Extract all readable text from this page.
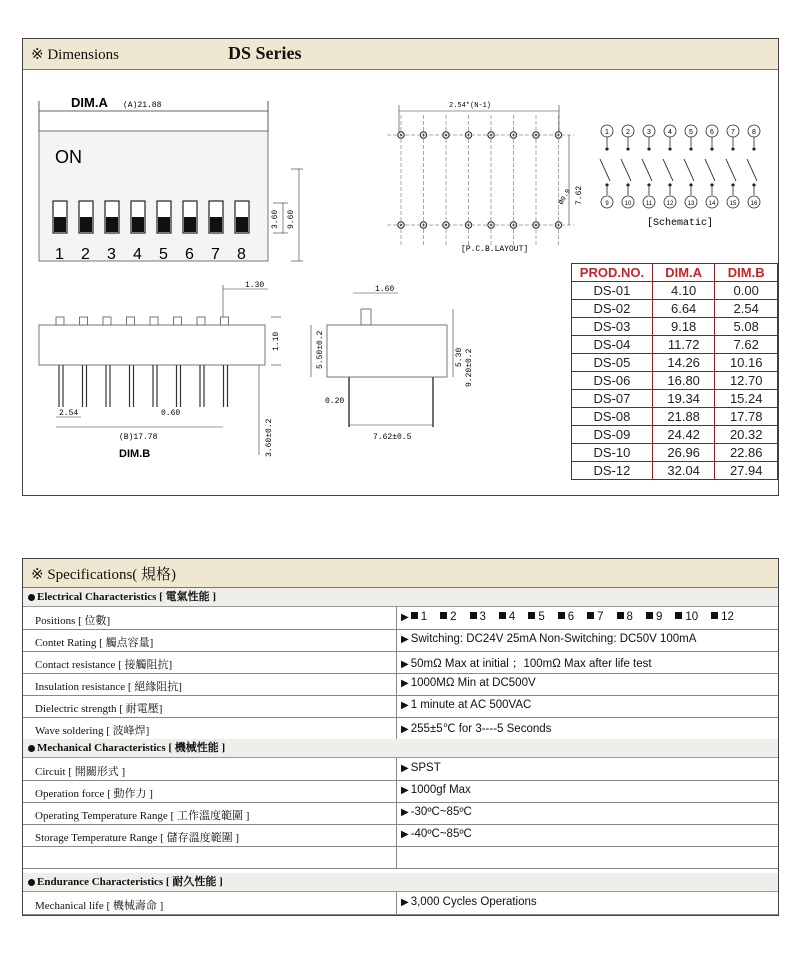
※ Dimensions	DS Series
DIM.A (A)21.88
ON
1 2 3 4 5 6 7 8
3.60 9.60
2.54*(N-1)
Ø0.9 7.62
[P.C.B.LAYOUT]
1
9
2
10
3
11
4
12
5
13
6
14
7
15
8
16
[Schematic]
1.30
1.10
2.54	0.60
(B)17.78
DIM.B	3.60±0.2
1.60
5.50±0.2	5.30 9.20±0.2
0.20
7.62±0.5
PROD.NO.	DIM.A	DIM.B
DS-01	4.10	0.00
DS-02	6.64	2.54
DS-03	9.18	5.08
DS-04	11.72	7.62
DS-05	14.26	10.16
DS-06	16.80	12.70
DS-07	19.34	15.24
DS-08	21.88	17.78
DS-09	24.42	20.32
DS-10	26.96	22.86
DS-12	32.04	27.94
※ Specifications( 規格)
Electrical Characteristics [ 電氣性能 ]
Positions [ 位數]	▶ 1 2 3 4 5 6 7 8 9 10 12
Contet Rating [ 觸点容量]	▶ Switching: DC24V 25mA Non-Switching: DC50V 100mA
Contact resistance [ 接觸阻抗]	▶ 50mΩ Max at initial ；100mΩ Max after life test
Insulation resistance [ 絕緣阻抗]	▶ 1000MΩ Min at DC500V
Dielectric strength [ 耐電壓]	▶ 1 minute at AC 500VAC
Wave soldering [ 波峰焊]	▶ 255±5℃ for 3----5 Seconds
Mechanical Characteristics [ 機械性能 ]
Circuit [ 開關形式 ]	▶ SPST
Operation force [ 動作力 ]	▶ 1000gf Max
Operating Temperature Range [ 工作溫度範圍 ]	▶ -30ºC~85ºC
Storage Temperature Range [ 儲存溫度範圍 ]	▶ -40ºC~85ºC
Endurance Characteristics [ 耐久性能 ]
Mechanical life [ 機械壽命 ]	▶ 3,000 Cycles Operations
